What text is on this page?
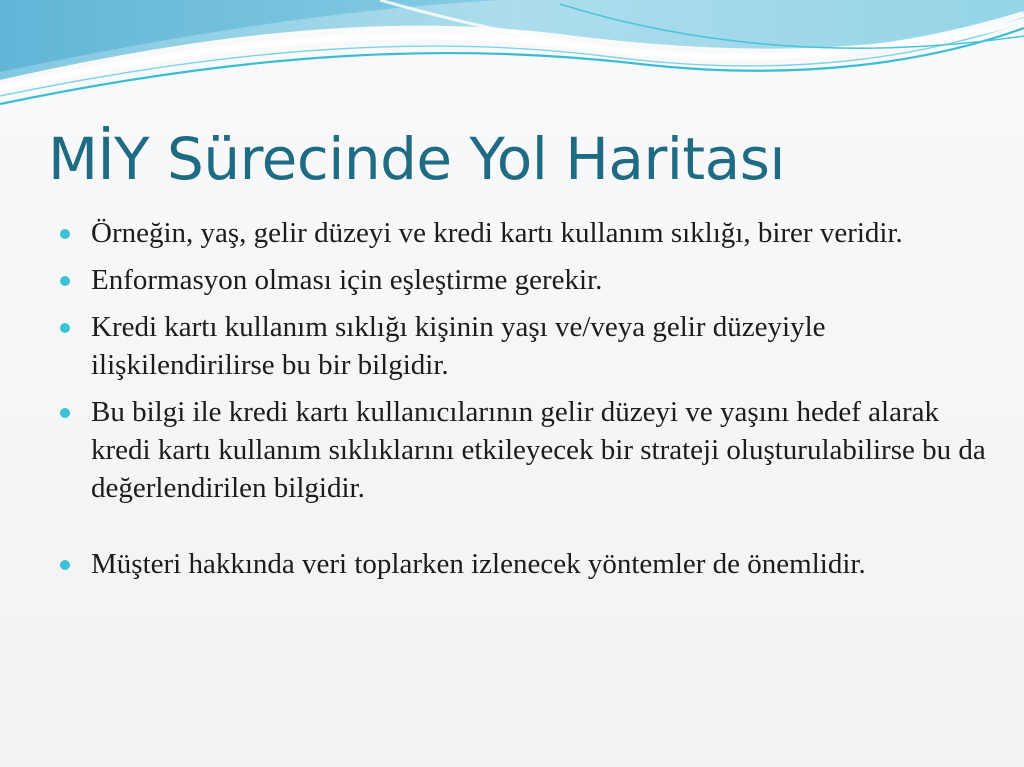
MİY Sürecinde Yol Haritası
Örneğin, yaş, gelir düzeyi ve kredi kartı kullanım sıklığı, birer veridir.
Enformasyon olması için eşleştirme gerekir.
Kredi kartı kullanım sıklığı kişinin yaşı ve/veya gelir düzeyiyle ilişkilendirilirse bu bir bilgidir.
Bu bilgi ile kredi kartı kullanıcılarının gelir düzeyi ve yaşını hedef alarak kredi kartı kullanım sıklıklarını etkileyecek bir strateji oluşturulabilirse bu da değerlendirilen bilgidir.
Müşteri hakkında veri toplarken izlenecek yöntemler de önemlidir.
